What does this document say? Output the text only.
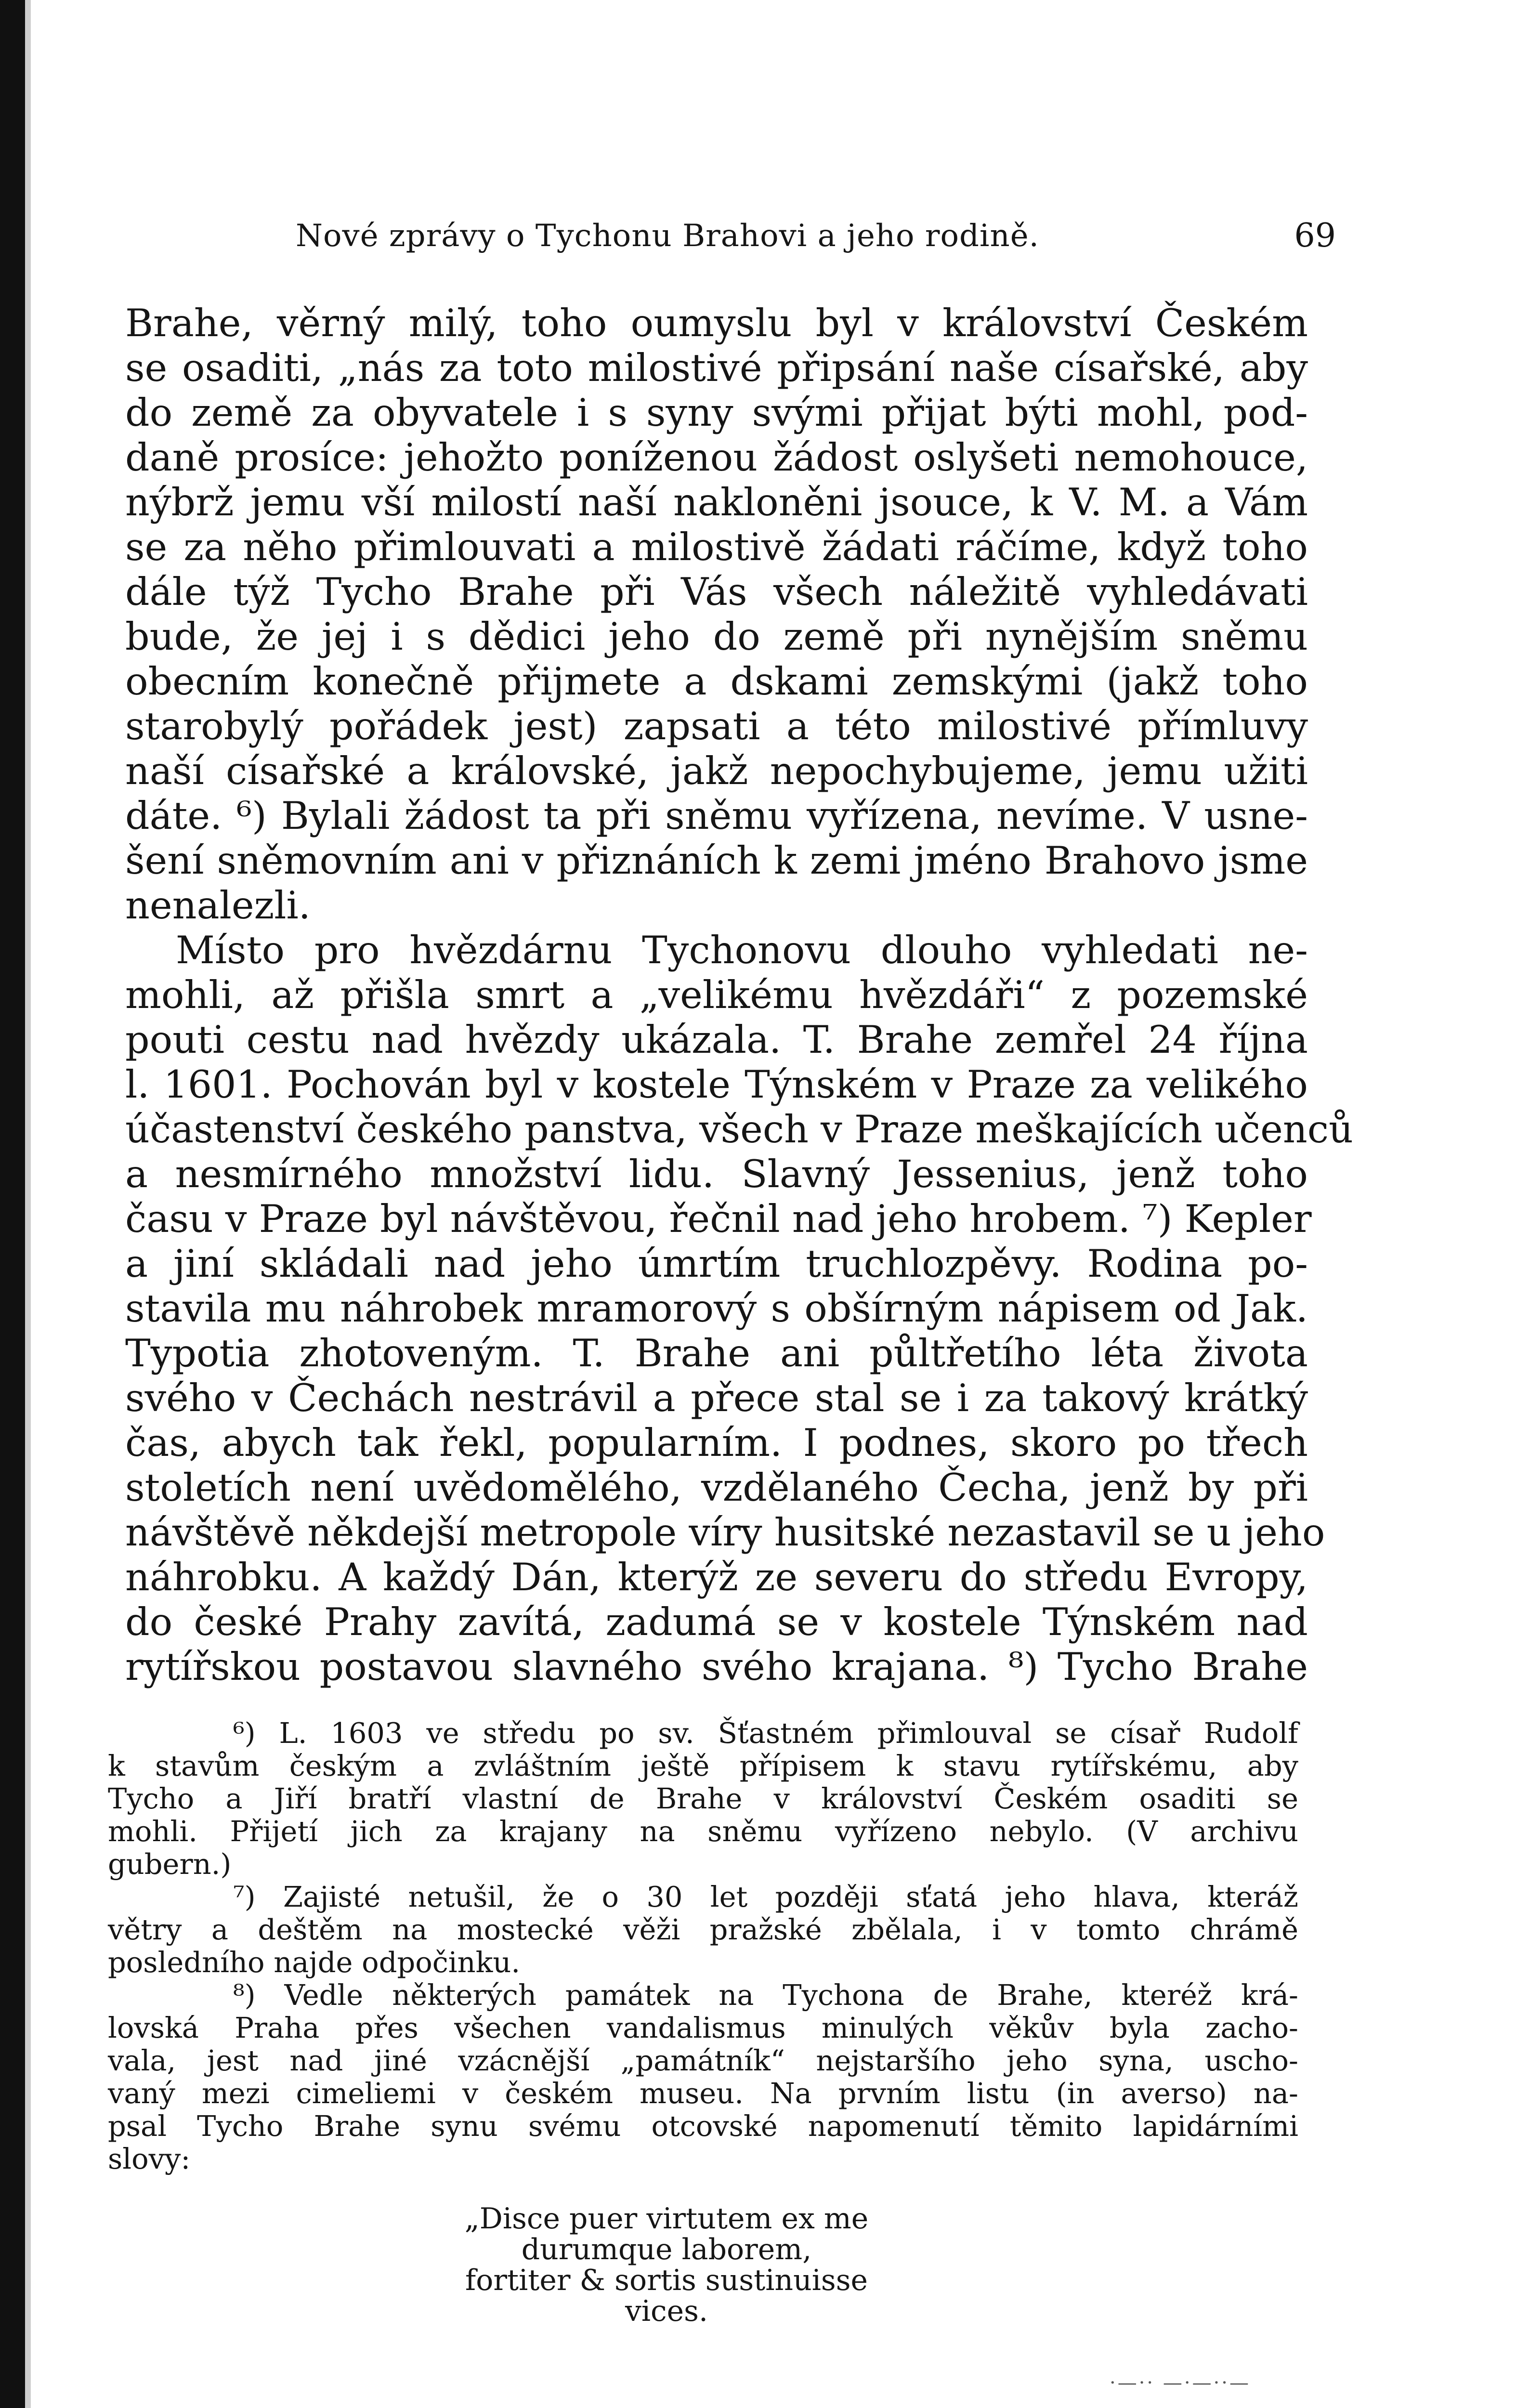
Nové zprávy o Tychonu Brahovi a jeho rodině.	69
Brahe, věrný milý, toho oumyslu byl v království Českém
se osaditi, „nás za toto milostivé připsání naše císařské, aby
do země za obyvatele i s syny svými přijat býti mohl, pod-
daně prosíce: jehožto poníženou žádost oslyšeti nemohouce,
nýbrž jemu vší milostí naší nakloněni jsouce, k V. M. a Vám
se za něho přimlouvati a milostivě žádati ráčíme, když toho
dále týž Tycho Brahe při Vás všech náležitě vyhledávati
bude, že jej i s dědici jeho do země při nynějším sněmu
obecním konečně přijmete a dskami zemskými (jakž toho
starobylý pořádek jest) zapsati a této milostivé přímluvy
naší císařské a královské, jakž nepochybujeme, jemu užiti
dáte. ⁶) Bylali žádost ta při sněmu vyřízena, nevíme. V usne-
šení sněmovním ani v přiznáních k zemi jméno Brahovo jsme
nenalezli.
Místo pro hvězdárnu Tychonovu dlouho vyhledati ne-
mohli, až přišla smrt a „velikému hvězdáři“ z pozemské
pouti cestu nad hvězdy ukázala. T. Brahe zemřel 24 října
l. 1601. Pochován byl v kostele Týnském v Praze za velikého
účastenství českého panstva, všech v Praze meškajících učenců
a nesmírného množství lidu. Slavný Jessenius, jenž toho
času v Praze byl návštěvou, řečnil nad jeho hrobem. ⁷) Kepler
a jiní skládali nad jeho úmrtím truchlozpěvy. Rodina po-
stavila mu náhrobek mramorový s obšírným nápisem od Jak.
Typotia zhotoveným. T. Brahe ani půltřetího léta života
svého v Čechách nestrávil a přece stal se i za takový krátký
čas, abych tak řekl, popularním. I podnes, skoro po třech
stoletích není uvědomělého, vzdělaného Čecha, jenž by při
návštěvě někdejší metropole víry husitské nezastavil se u jeho
náhrobku. A každý Dán, kterýž ze severu do středu Evropy,
do české Prahy zavítá, zadumá se v kostele Týnském nad
rytířskou postavou slavného svého krajana. ⁸) Tycho Brahe
⁶) L. 1603 ve středu po sv. Šťastném přimlouval se císař Rudolf
k stavům českým a zvláštním ještě přípisem k stavu rytířskému, aby
Tycho a Jiří bratří vlastní de Brahe v království Českém osaditi se
mohli. Přijetí jich za krajany na sněmu vyřízeno nebylo. (V archivu
gubern.)
⁷) Zajisté netušil, že o 30 let později sťatá jeho hlava, kteráž
větry a deštěm na mostecké věži pražské zbělala, i v tomto chrámě
posledního najde odpočinku.
⁸) Vedle některých památek na Tychona de Brahe, kteréž krá-
lovská Praha přes všechen vandalismus minulých věkův byla zacho-
vala, jest nad jiné vzácnější „památník“ nejstaršího jeho syna, uscho-
vaný mezi cimeliemi v českém museu. Na prvním listu (in averso) na-
psal Tycho Brahe synu svému otcovské napomenutí těmito lapidárními
slovy:
„Disce puer virtutem ex me
durumque laborem,
fortiter & sortis sustinuisse
vices.
·—·· —·—··—
